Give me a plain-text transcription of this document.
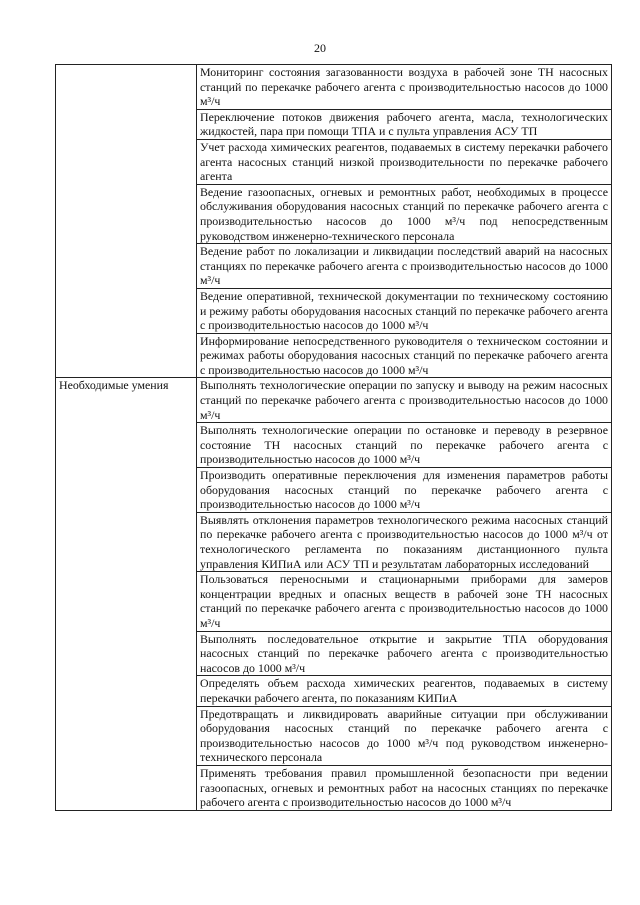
20
	Мониторинг состояния загазованности воздуха в рабочей зоне ТН насосных станций по перекачке рабочего агента с производительностью насосов до 1000 м³/ч
	Переключение потоков движения рабочего агента, масла, технологических жидкостей, пара при помощи ТПА и с пульта управления АСУ ТП
	Учет расхода химических реагентов, подаваемых в систему перекачки рабочего агента насосных станций низкой производительности по перекачке рабочего агента
	Ведение газоопасных, огневых и ремонтных работ, необходимых в процессе обслуживания оборудования насосных станций по перекачке рабочего агента с производительностью насосов до 1000 м³/ч под непосредственным руководством инженерно-технического персонала
	Ведение работ по локализации и ликвидации последствий аварий на насосных станциях по перекачке рабочего агента с производительностью насосов до 1000 м³/ч
	Ведение оперативной, технической документации по техническому состоянию и режиму работы оборудования насосных станций по перекачке рабочего агента с производительностью насосов до 1000 м³/ч
	Информирование непосредственного руководителя о техническом состоянии и режимах работы оборудования насосных станций по перекачке рабочего агента с производительностью насосов до 1000 м³/ч
Необходимые умения	Выполнять технологические операции по запуску и выводу на режим насосных станций по перекачке рабочего агента с производительностью насосов до 1000 м³/ч
	Выполнять технологические операции по остановке и переводу в резервное состояние ТН насосных станций по перекачке рабочего агента с производительностью насосов до 1000 м³/ч
	Производить оперативные переключения для изменения параметров работы оборудования насосных станций по перекачке рабочего агента с производительностью насосов до 1000 м³/ч
	Выявлять отклонения параметров технологического режима насосных станций по перекачке рабочего агента с производительностью насосов до 1000 м³/ч от технологического регламента по показаниям дистанционного пульта управления КИПиА или АСУ ТП и результатам лабораторных исследований
	Пользоваться переносными и стационарными приборами для замеров концентрации вредных и опасных веществ в рабочей зоне ТН насосных станций по перекачке рабочего агента с производительностью насосов до 1000 м³/ч
	Выполнять последовательное открытие и закрытие ТПА оборудования насосных станций по перекачке рабочего агента с производительностью насосов до 1000 м³/ч
	Определять объем расхода химических реагентов, подаваемых в систему перекачки рабочего агента, по показаниям КИПиА
	Предотвращать и ликвидировать аварийные ситуации при обслуживании оборудования насосных станций по перекачке рабочего агента с производительностью насосов до 1000 м³/ч под руководством инженерно-технического персонала
	Применять требования правил промышленной безопасности при ведении газоопасных, огневых и ремонтных работ на насосных станциях по перекачке рабочего агента с производительностью насосов до 1000 м³/ч
